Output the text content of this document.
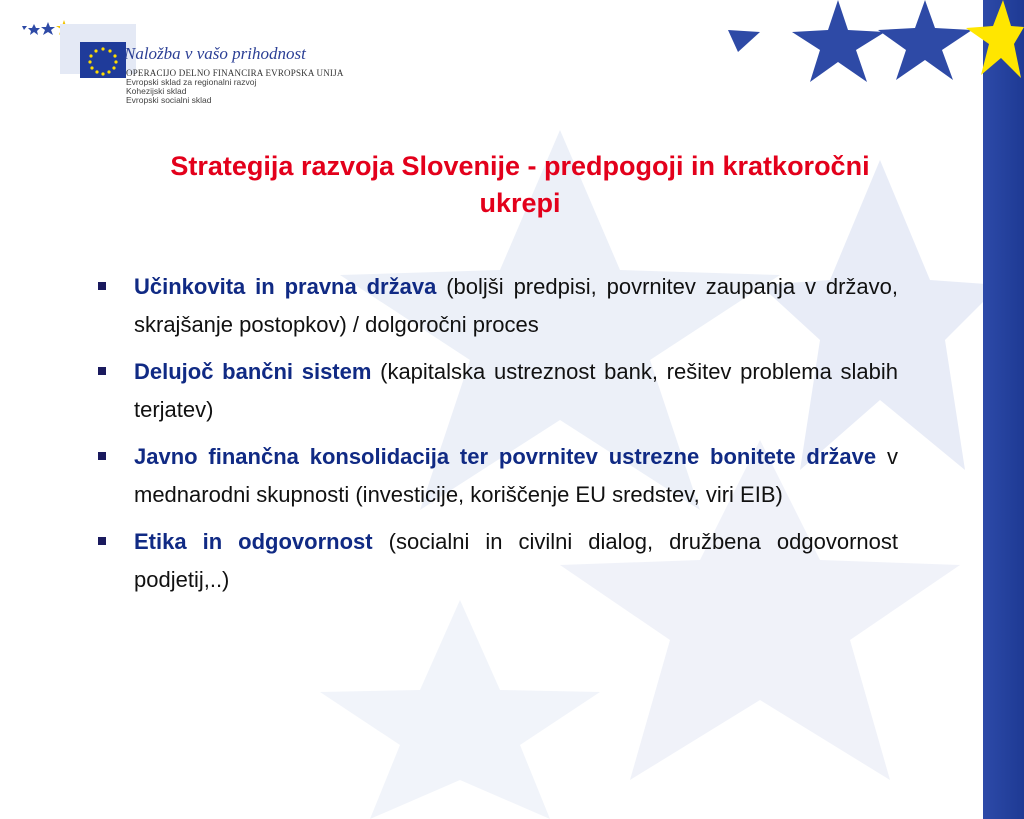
Naložba v vašo prihodnost
OPERACIJO DELNO FINANCIRA EVROPSKA UNIJA
Evropski sklad za regionalni razvoj
Kohezijski sklad
Evropski socialni sklad
Strategija razvoja Slovenije - predpogoji in kratkoročni ukrepi
Učinkovita in pravna država (boljši predpisi, povrnitev zaupanja v državo, skrajšanje postopkov) / dolgoročni proces
Delujoč bančni sistem (kapitalska ustreznost bank, rešitev problema slabih terjatev)
Javno finančna konsolidacija ter povrnitev ustrezne bonitete države v mednarodni skupnosti (investicije, koriščenje EU sredstev, viri EIB)
Etika in odgovornost (socialni in civilni dialog, družbena odgovornost podjetij,..)
